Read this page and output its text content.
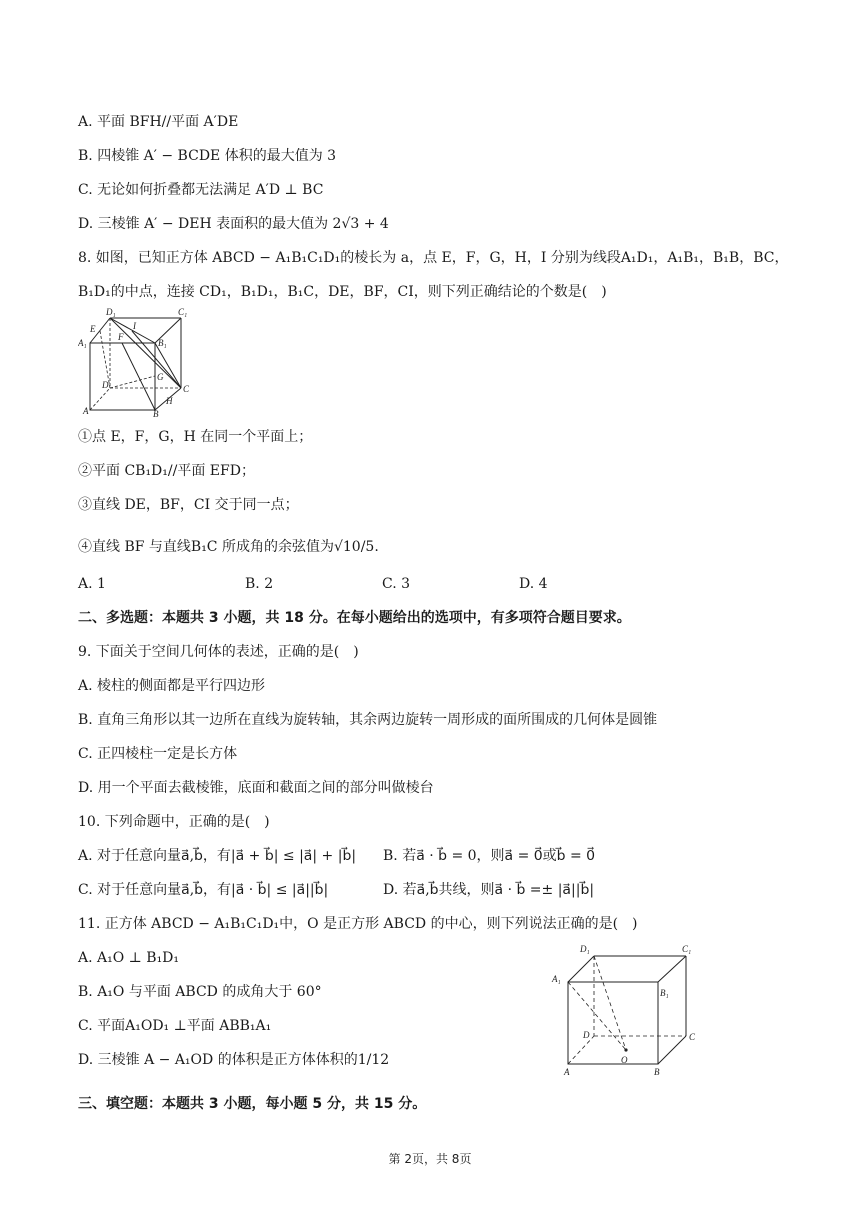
A. 平面 BFH//平面 A′DE
B. 四棱锥 A′ − BCDE 体积的最大值为 3
C. 无论如何折叠都无法满足 A′D ⊥ BC
D. 三棱锥 A′ − DEH 表面积的最大值为 2√3 + 4
8. 如图，已知正方体 ABCD − A₁B₁C₁D₁的棱长为 a，点 E，F，G，H，I 分别为线段A₁D₁，A₁B₁，B₁B，BC，
B₁D₁的中点，连接 CD₁，B₁D₁，B₁C，DE，BF，CI，则下列正确结论的个数是(　)
D₁	C₁
E	I
A₁
F
B₁
D
G
C
A
H
B
①点 E，F，G，H 在同一个平面上；
②平面 CB₁D₁//平面 EFD；
③直线 DE，BF，CI 交于同一点；
④直线 BF 与直线B₁C 所成角的余弦值为√10/5.
A. 1	B. 2	C. 3	D. 4
二、多选题：本题共 3 小题，共 18 分。在每小题给出的选项中，有多项符合题目要求。
9. 下面关于空间几何体的表述，正确的是(　)
A. 棱柱的侧面都是平行四边形
B. 直角三角形以其一边所在直线为旋转轴，其余两边旋转一周形成的面所围成的几何体是圆锥
C. 正四棱柱一定是长方体
D. 用一个平面去截棱锥，底面和截面之间的部分叫做棱台
10. 下列命题中，正确的是(　)
A. 对于任意向量a⃗,b⃗，有|a⃗ + b⃗| ≤ |a⃗| + |b⃗| B. 若a⃗ · b⃗ = 0，则a⃗ = 0⃗或b⃗ = 0⃗
C. 对于任意向量a⃗,b⃗，有|a⃗ · b⃗| ≤ |a⃗||b⃗|	D. 若a⃗,b⃗共线，则a⃗ · b⃗ =± |a⃗||b⃗|
11. 正方体 ABCD − A₁B₁C₁D₁中，O 是正方形 ABCD 的中心，则下列说法正确的是(　)
A. A₁O ⊥ B₁D₁
B. A₁O 与平面 ABCD 的成角大于 60°
C. 平面A₁OD₁ ⊥平面 ABB₁A₁
D. 三棱锥 A − A₁OD 的体积是正方体体积的1/12
D₁	C₁
A₁
B₁
D	C
O
A	B
三、填空题：本题共 3 小题，每小题 5 分，共 15 分。
第 2页，共 8页
